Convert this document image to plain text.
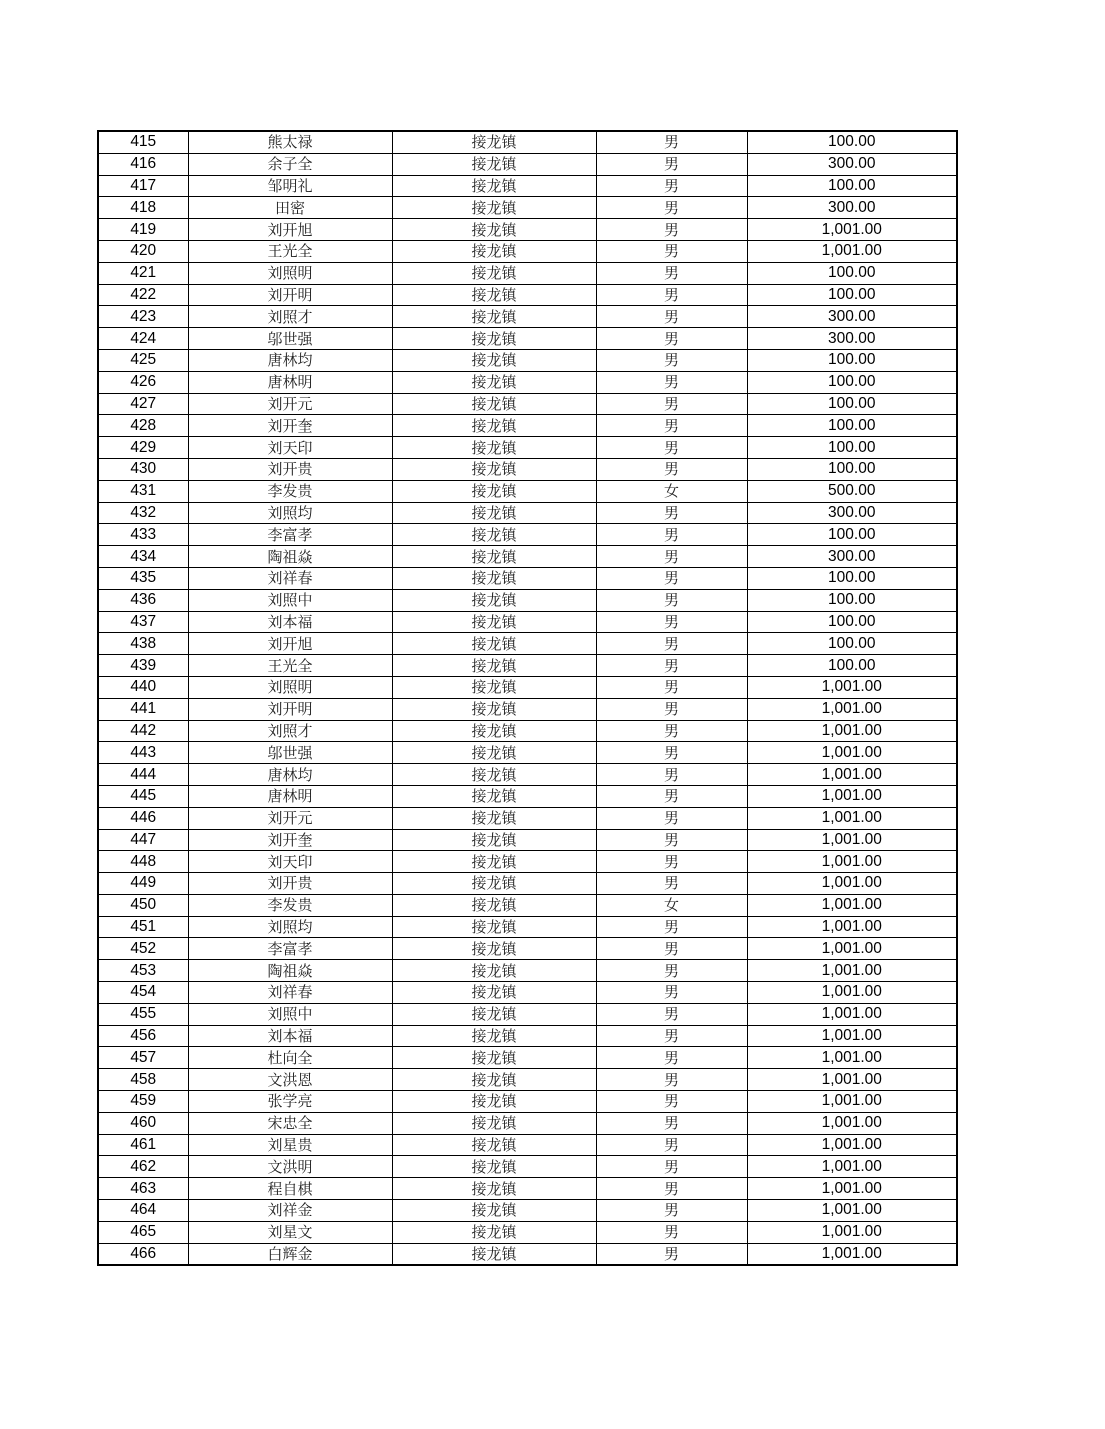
415	熊太禄	接龙镇	男	100.00
416	余子全	接龙镇	男	300.00
417	邹明礼	接龙镇	男	100.00
418	田密	接龙镇	男	300.00
419	刘开旭	接龙镇	男	1,001.00
420	王光全	接龙镇	男	1,001.00
421	刘照明	接龙镇	男	100.00
422	刘开明	接龙镇	男	100.00
423	刘照才	接龙镇	男	300.00
424	邬世强	接龙镇	男	300.00
425	唐林均	接龙镇	男	100.00
426	唐林明	接龙镇	男	100.00
427	刘开元	接龙镇	男	100.00
428	刘开奎	接龙镇	男	100.00
429	刘天印	接龙镇	男	100.00
430	刘开贵	接龙镇	男	100.00
431	李发贵	接龙镇	女	500.00
432	刘照均	接龙镇	男	300.00
433	李富孝	接龙镇	男	100.00
434	陶祖焱	接龙镇	男	300.00
435	刘祥春	接龙镇	男	100.00
436	刘照中	接龙镇	男	100.00
437	刘本福	接龙镇	男	100.00
438	刘开旭	接龙镇	男	100.00
439	王光全	接龙镇	男	100.00
440	刘照明	接龙镇	男	1,001.00
441	刘开明	接龙镇	男	1,001.00
442	刘照才	接龙镇	男	1,001.00
443	邬世强	接龙镇	男	1,001.00
444	唐林均	接龙镇	男	1,001.00
445	唐林明	接龙镇	男	1,001.00
446	刘开元	接龙镇	男	1,001.00
447	刘开奎	接龙镇	男	1,001.00
448	刘天印	接龙镇	男	1,001.00
449	刘开贵	接龙镇	男	1,001.00
450	李发贵	接龙镇	女	1,001.00
451	刘照均	接龙镇	男	1,001.00
452	李富孝	接龙镇	男	1,001.00
453	陶祖焱	接龙镇	男	1,001.00
454	刘祥春	接龙镇	男	1,001.00
455	刘照中	接龙镇	男	1,001.00
456	刘本福	接龙镇	男	1,001.00
457	杜向全	接龙镇	男	1,001.00
458	文洪恩	接龙镇	男	1,001.00
459	张学亮	接龙镇	男	1,001.00
460	宋忠全	接龙镇	男	1,001.00
461	刘星贵	接龙镇	男	1,001.00
462	文洪明	接龙镇	男	1,001.00
463	程自棋	接龙镇	男	1,001.00
464	刘祥金	接龙镇	男	1,001.00
465	刘星文	接龙镇	男	1,001.00
466	白辉金	接龙镇	男	1,001.00
